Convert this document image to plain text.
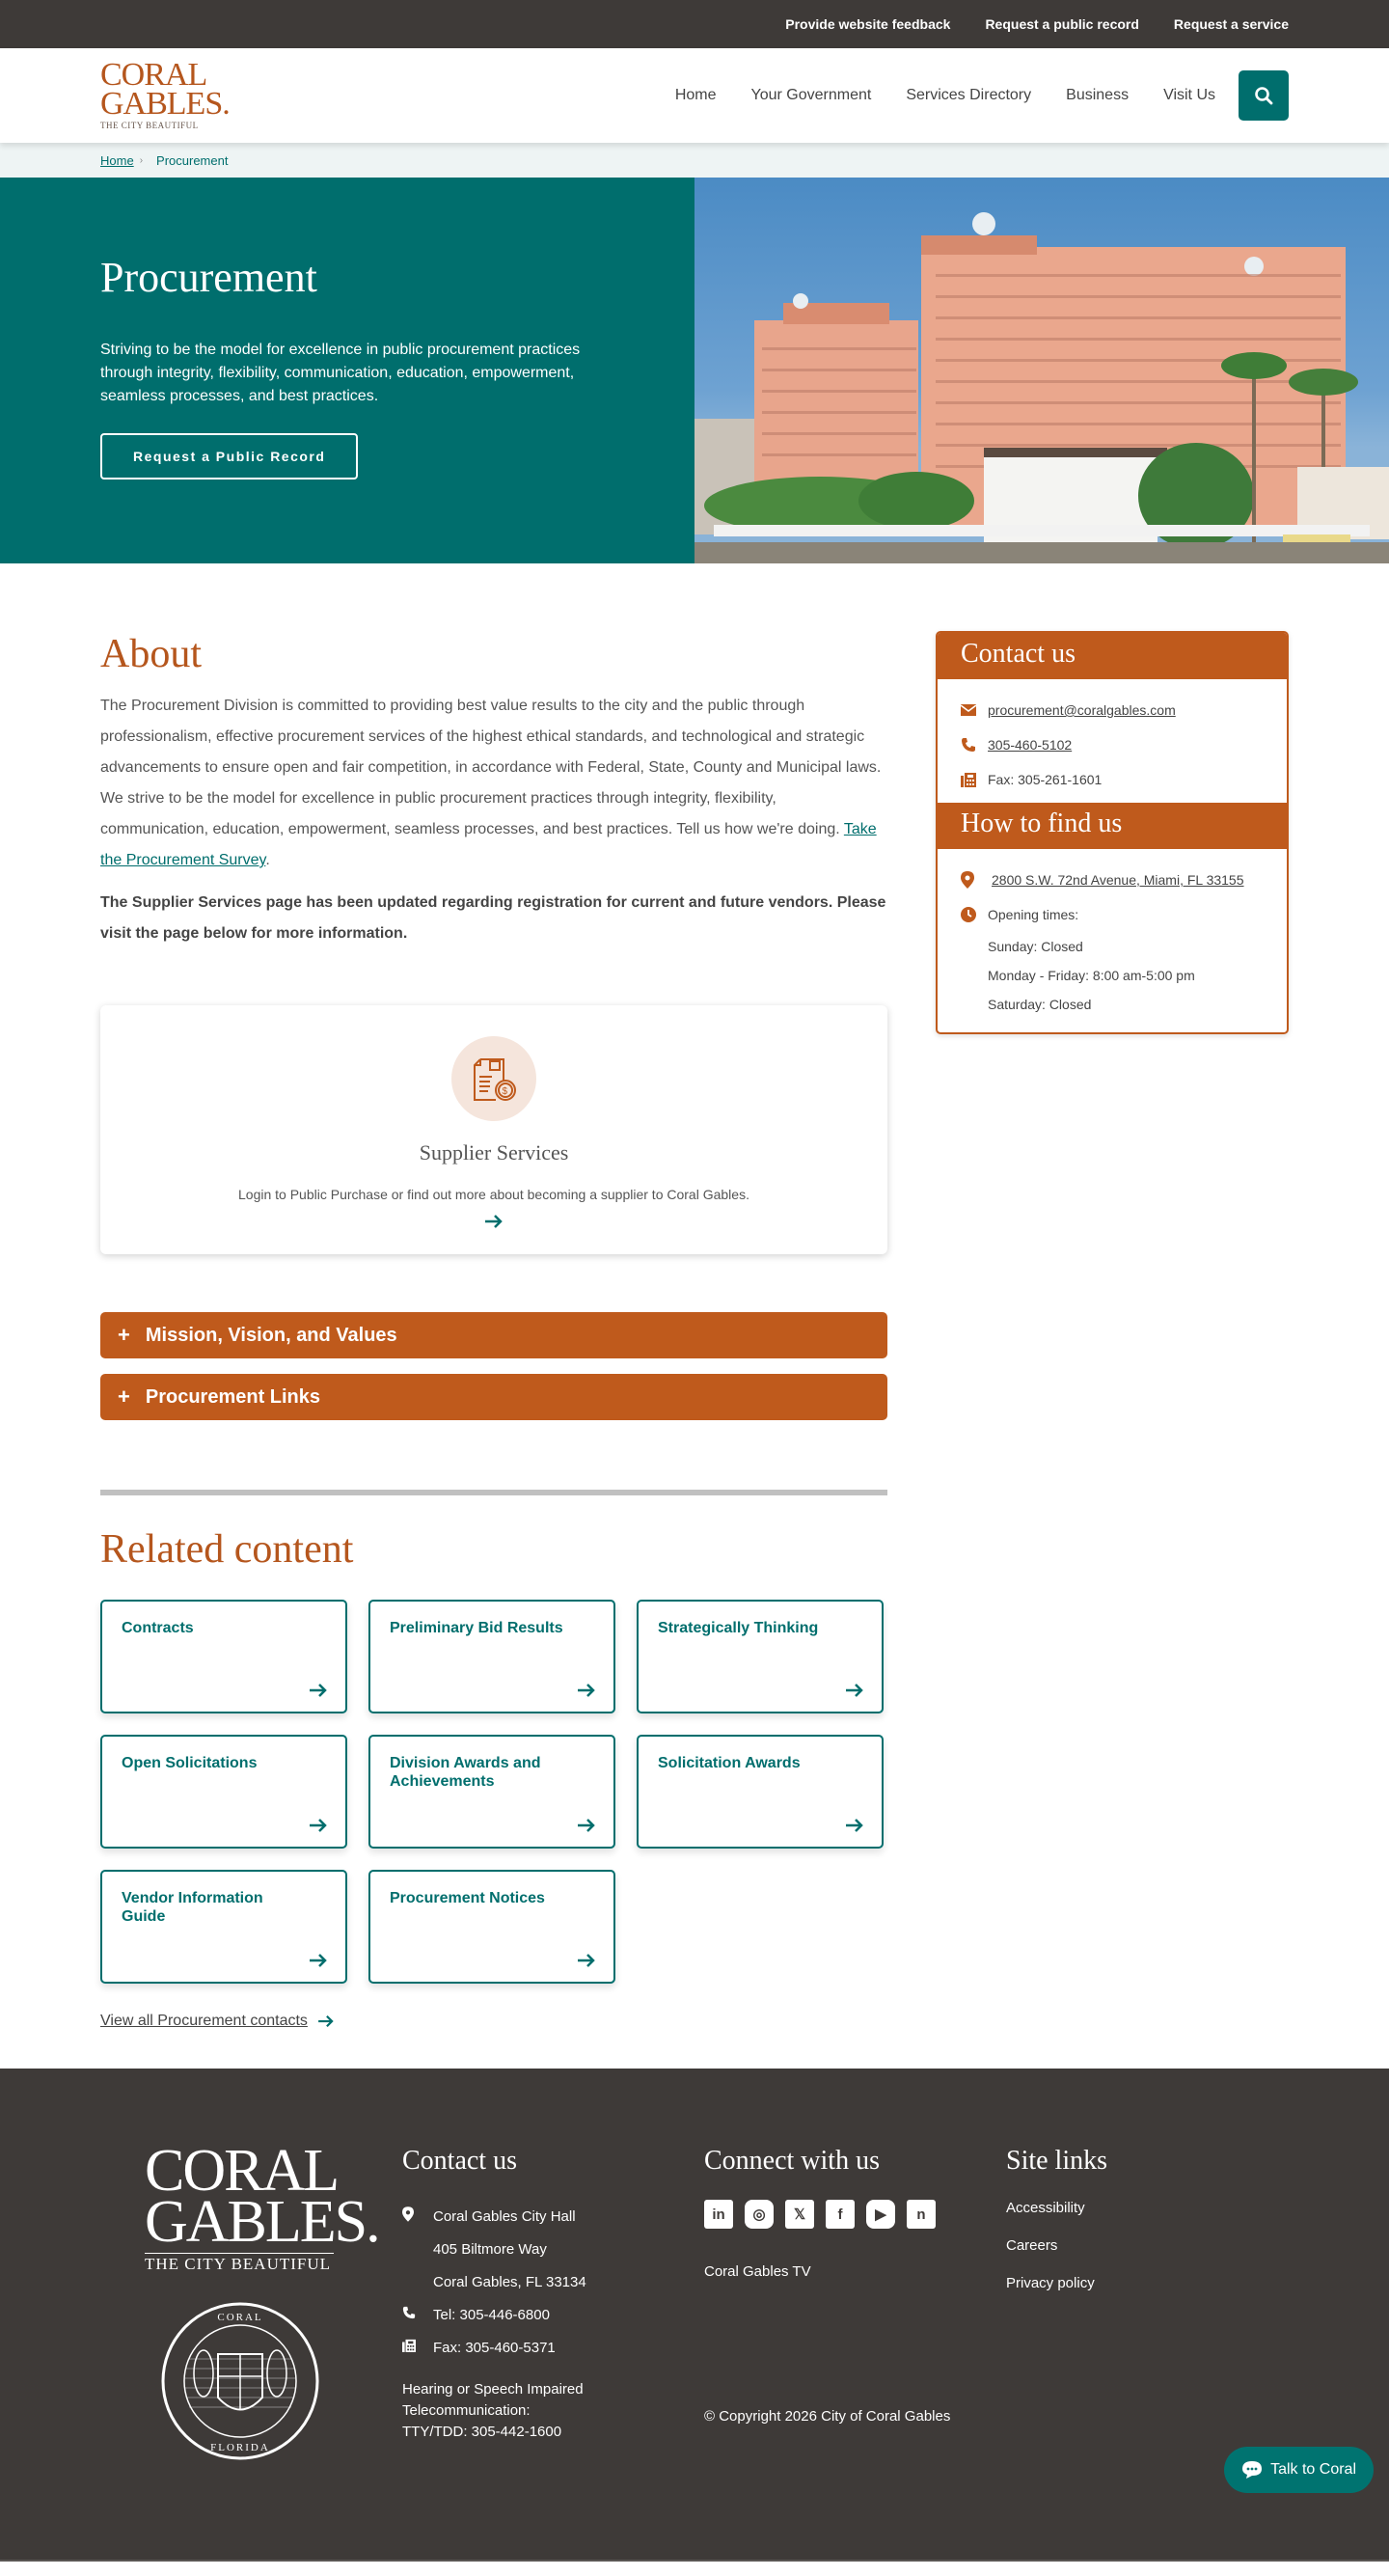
Provide website feedback	Request a public record	Request a service
CORAL
GABLES.
THE CITY BEAUTIFUL
Home Your Government Services Directory Business Visit Us
Home › Procurement
Procurement

Striving to be the model for excellence in public procurement practices through integrity, flexibility, communication, education, empowerment, seamless processes, and best practices.

Request a Public Record
About

The Procurement Division is committed to providing best value results to the city and the public through professionalism, effective procurement services of the highest ethical standards, and technological and strategic advancements to ensure open and fair competition, in accordance with Federal, State, County and Municipal laws. We strive to be the model for excellence in public procurement practices through integrity, flexibility, communication, education, empowerment, seamless processes, and best practices. Tell us how we're doing. Take the Procurement Survey.

The Supplier Services page has been updated regarding registration for current and future vendors. Please visit the page below for more information.

$
Supplier Services
Login to Public Purchase or find out more about becoming a supplier to Coral Gables.
+ Mission, Vision, and Values
+ Procurement Links
Related content
Contracts	Preliminary Bid Results	Strategically Thinking
Open Solicitations	Division Awards and Achievements
Solicitation Awards
Vendor Information Guide
Procurement Notices
View all Procurement contacts
Contact us
procurement@coralgables.com
305-460-5102
Fax: 305-261-1601
How to find us
2800 S.W. 72nd Avenue, Miami, FL 33155
Opening times:
Sunday: Closed
Monday - Friday: 8:00 am-5:00 pm
Saturday: Closed
CORAL
GABLES.
THE CITY BEAUTIFUL
CORAL
FLORIDA
Contact us
Coral Gables City Hall
405 Biltmore Way
Coral Gables, FL 33134
Tel: 305-446-6800
Fax: 305-460-5371
Hearing or Speech Impaired
Telecommunication:
TTY/TDD: 305-442-1600
Connect with us
in	◎	𝕏	f	▶	n
Coral Gables TV
Site links
Accessibility
Careers
Privacy policy
© Copyright 2026 City of Coral Gables
Talk to Coral
